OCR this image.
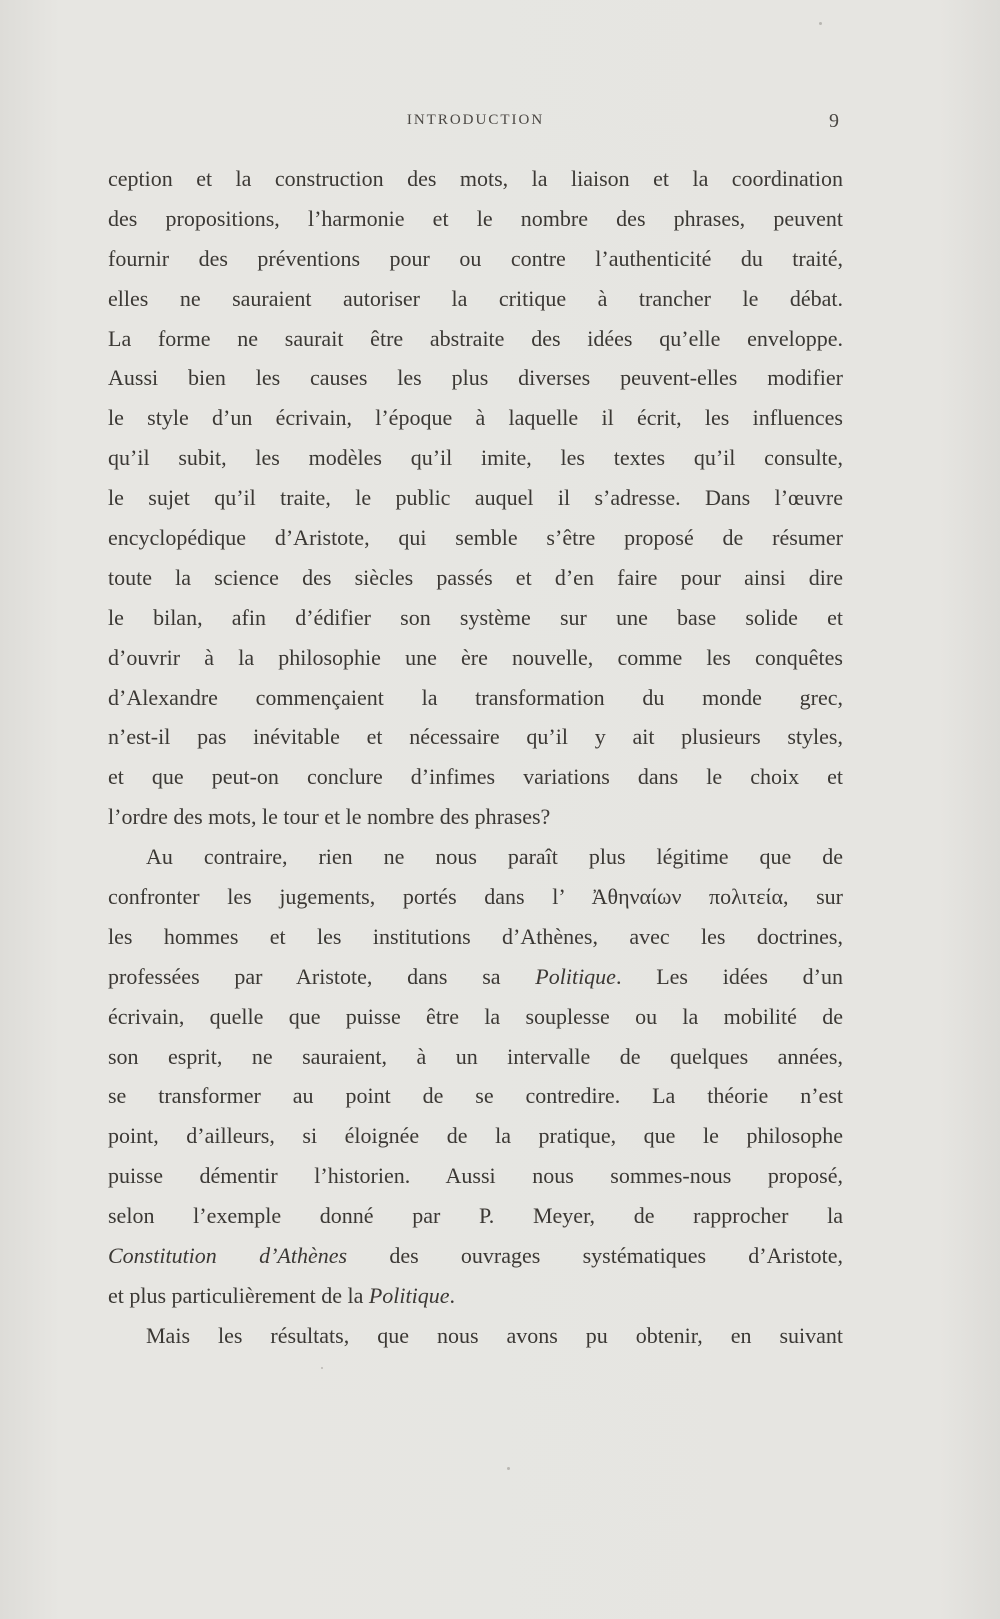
INTRODUCTION	9
ception et la construction des mots, la liaison et la coordination
des propositions, l’harmonie et le nombre des phrases, peuvent
fournir des préventions pour ou contre l’authenticité du traité,
elles ne sauraient autoriser la critique à trancher le débat.
La forme ne saurait être abstraite des idées qu’elle enveloppe.
Aussi bien les causes les plus diverses peuvent-elles modifier
le style d’un écrivain, l’époque à laquelle il écrit, les influences
qu’il subit, les modèles qu’il imite, les textes qu’il consulte,
le sujet qu’il traite, le public auquel il s’adresse. Dans l’œuvre
encyclopédique d’Aristote, qui semble s’être proposé de résumer
toute la science des siècles passés et d’en faire pour ainsi dire
le bilan, afin d’édifier son système sur une base solide et
d’ouvrir à la philosophie une ère nouvelle, comme les conquêtes
d’Alexandre commençaient la transformation du monde grec,
n’est-il pas inévitable et nécessaire qu’il y ait plusieurs styles,
et que peut-on conclure d’infimes variations dans le choix et
l’ordre des mots, le tour et le nombre des phrases?
Au contraire, rien ne nous paraît plus légitime que de
confronter les jugements, portés dans l’ Ἀθηναίων πολιτεία, sur
les hommes et les institutions d’Athènes, avec les doctrines,
professées par Aristote, dans sa Politique. Les idées d’un
écrivain, quelle que puisse être la souplesse ou la mobilité de
son esprit, ne sauraient, à un intervalle de quelques années,
se transformer au point de se contredire. La théorie n’est
point, d’ailleurs, si éloignée de la pratique, que le philosophe
puisse démentir l’historien. Aussi nous sommes-nous proposé,
selon l’exemple donné par P. Meyer, de rapprocher la
Constitution d’Athènes des ouvrages systématiques d’Aristote,
et plus particulièrement de la Politique.
Mais les résultats, que nous avons pu obtenir, en suivant
